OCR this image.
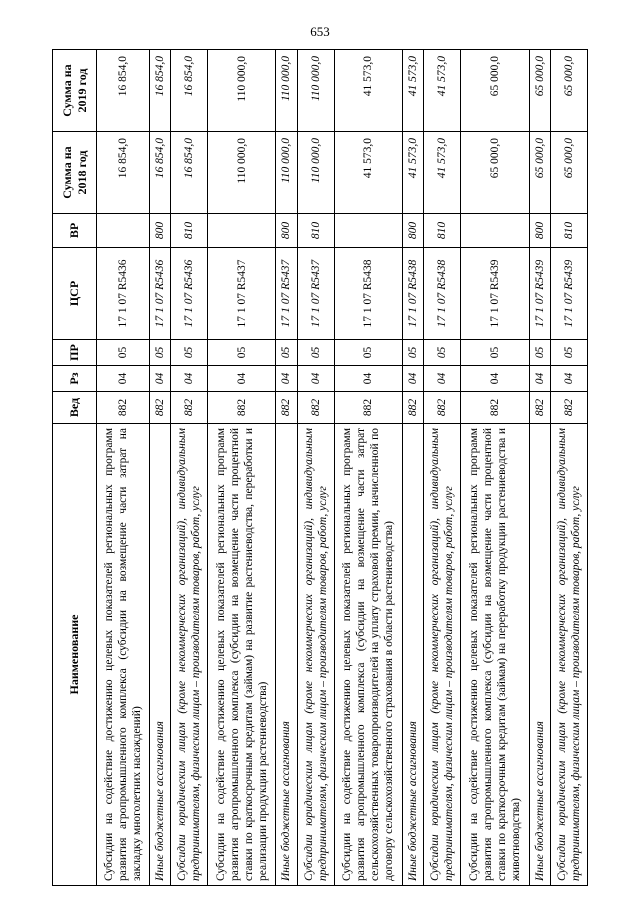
653
Наименование	Вед	Рз	ПР	ЦСР	ВР	Сумма на 2018 год	Сумма на 2019 год
Субсидии на содействие достижению целевых показателей региональных программ развития агропромышленного комплекса (субсидии на возмещение части затрат на закладку многолетних насаждений)	882	04	05	17 1 07 R5436		16 854,0	16 854,0
Иные бюджетные ассигнования	882	04	05	17 1 07 R5436	800	16 854,0	16 854,0
Субсидии юридическим лицам (кроме некоммерческих организаций), индивидуальным предпринимателям, физическим лицам – производителям товаров, работ, услуг	882	04	05	17 1 07 R5436	810	16 854,0	16 854,0
Субсидии на содействие достижению целевых показателей региональных программ развития агропромышленного комплекса (субсидии на возмещение части процентной ставки по краткосрочным кредитам (займам) на развитие растениеводства, переработки и реализации продукции растениеводства)	882	04	05	17 1 07 R5437		110 000,0	110 000,0
Иные бюджетные ассигнования	882	04	05	17 1 07 R5437	800	110 000,0	110 000,0
Субсидии юридическим лицам (кроме некоммерческих организаций), индивидуальным предпринимателям, физическим лицам – производителям товаров, работ, услуг	882	04	05	17 1 07 R5437	810	110 000,0	110 000,0
Субсидии на содействие достижению целевых показателей региональных программ развития агропромышленного комплекса (субсидии на возмещение части затрат сельскохозяйственных товаропроизводителей на уплату страховой премии, начисленной по договору сельскохозяйственного страхования в области растениеводства)	882	04	05	17 1 07 R5438		41 573,0	41 573,0
Иные бюджетные ассигнования	882	04	05	17 1 07 R5438	800	41 573,0	41 573,0
Субсидии юридическим лицам (кроме некоммерческих организаций), индивидуальным предпринимателям, физическим лицам – производителям товаров, работ, услуг	882	04	05	17 1 07 R5438	810	41 573,0	41 573,0
Субсидии на содействие достижению целевых показателей региональных программ развития агропромышленного комплекса (субсидии на возмещение части процентной ставки по краткосрочным кредитам (займам) на переработку продукции растениеводства и животноводства)	882	04	05	17 1 07 R5439		65 000,0	65 000,0
Иные бюджетные ассигнования	882	04	05	17 1 07 R5439	800	65 000,0	65 000,0
Субсидии юридическим лицам (кроме некоммерческих организаций), индивидуальным предпринимателям, физическим лицам – производителям товаров, работ, услуг	882	04	05	17 1 07 R5439	810	65 000,0	65 000,0
